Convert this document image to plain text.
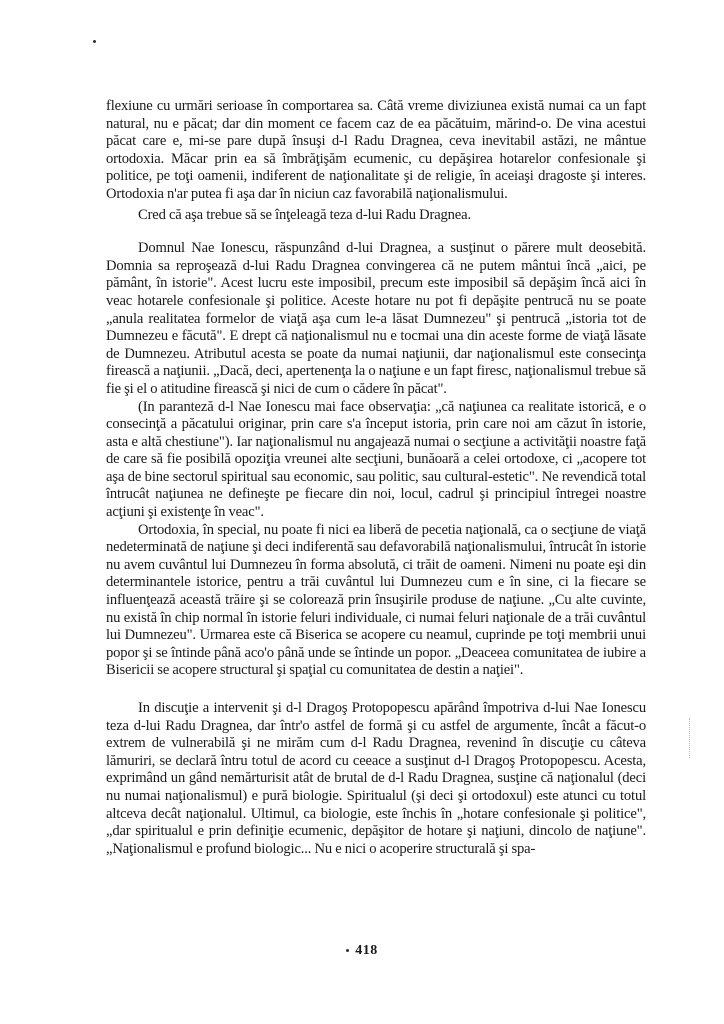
flexiune cu urmări serioase în comportarea sa. Câtă vreme diviziunea există numai ca un fapt natural, nu e păcat; dar din moment ce facem caz de ea păcătuim, mărind-o. De vina acestui păcat care e, mi-se pare după însuşi d-l Radu Dragnea, ceva inevitabil astăzi, ne mântue ortodoxia. Măcar prin ea să îmbrăţişăm ecumenic, cu depăşirea hotarelor confesionale şi politice, pe toţi oamenii, indiferent de naţionalitate şi de religie, în aceiaşi dragoste şi interes. Ortodoxia n'ar putea fi aşa dar în niciun caz favorabilă naţionalismului.

Cred că aşa trebue să se înţeleagă teza d-lui Radu Dragnea.

Domnul Nae Ionescu, răspunzând d-lui Dragnea, a susţinut o părere mult deosebită. Domnia sa reproşează d-lui Radu Dragnea convingerea că ne putem mântui încă „aici, pe pământ, în istorie". Acest lucru este imposibil, precum este imposibil să depăşim încă aici în veac hotarele confesionale şi politice. Aceste hotare nu pot fi depăşite pentrucă nu se poate „anula realitatea formelor de viaţă aşa cum le-a lăsat Dumnezeu" şi pentrucă „istoria tot de Dumnezeu e făcută". E drept că naţionalismul nu e tocmai una din aceste forme de viaţă lăsate de Dumnezeu. Atributul acesta se poate da numai naţiunii, dar naţionalismul este consecinţa firească a naţiunii. „Dacă, deci, apertenenţa la o naţiune e un fapt firesc, naţionalismul trebue să fie şi el o atitudine firească şi nici de cum o cădere în păcat".

(In paranteză d-l Nae Ionescu mai face observaţia: „că naţiunea ca realitate istorică, e o consecinţă a păcatului originar, prin care s'a început istoria, prin care noi am căzut în istorie, asta e altă chestiune"). Iar naţionalismul nu angajează numai o secţiune a activităţii noastre faţă de care să fie posibilă opoziţia vreunei alte secţiuni, bunăoară a celei ortodoxe, ci „acopere tot aşa de bine sectorul spiritual sau economic, sau politic, sau cultural-estetic". Ne revendică total întrucât naţiunea ne defineşte pe fiecare din noi, locul, cadrul şi principiul întregei noastre acţiuni şi existenţe în veac".

Ortodoxia, în special, nu poate fi nici ea liberă de pecetia naţională, ca o secţiune de viaţă nedeterminată de naţiune şi deci indiferentă sau defavorabilă naţionalismului, întrucât în istorie nu avem cuvântul lui Dumnezeu în forma absolută, ci trăit de oameni. Nimeni nu poate eşi din determinantele istorice, pentru a trăi cuvântul lui Dumnezeu cum e în sine, ci la fiecare se influenţează această trăire şi se colorează prin însuşirile produse de naţiune. „Cu alte cuvinte, nu există în chip normal în istorie feluri individuale, ci numai feluri naţionale de a trăi cuvântul lui Dumnezeu". Urmarea este că Biserica se acopere cu neamul, cuprinde pe toţi membrii unui popor şi se întinde până aco'o până unde se întinde un popor. „Deaceea comunitatea de iubire a Bisericii se acopere structural şi spaţial cu comunitatea de destin a naţiei".

In discuţie a intervenit şi d-l Dragoş Protopopescu apărând împotriva d-lui Nae Ionescu teza d-lui Radu Dragnea, dar într'o astfel de formă şi cu astfel de argumente, încât a făcut-o extrem de vulnerabilă şi ne mirăm cum d-l Radu Dragnea, revenind în discuţie cu câteva lămuriri, se declară întru totul de acord cu ceeace a susţinut d-l Dragoş Protopopescu. Acesta, exprimând un gând nemărturisit atât de brutal de d-l Radu Dragnea, susţine că naţionalul (deci nu numai naţionalismul) e pură biologie. Spiritualul (şi deci şi ortodoxul) este atunci cu totul altceva decât naţionalul. Ultimul, ca biologie, este închis în „hotare confesionale şi politice", „dar spiritualul e prin definiţie ecumenic, depăşitor de hotare şi naţiuni, dincolo de naţiune". „Naţionalismul e profund biologic... Nu e nici o acoperire structurală şi spa-

418
